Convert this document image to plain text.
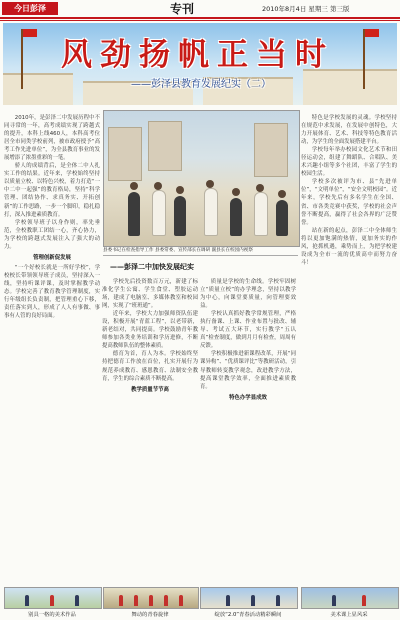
今日彭泽	专刊	2010年8月4日 星期三 第三版
风劲扬帆正当时
——彭泽县教育发展纪实（二）

2010年，是彭泽二中发展历程中不同寻常的一年，高考成绩实现了跨越式的提升，本科上线460人，本科高考位居全市同类学校前列，被市政府授予“高考工作先进单位”，为全县教育事业的发展增添了浓墨重彩的一笔。

骄人的成绩背后，是全体二中人扎实工作的结果。近年来，学校始终坚持以质量立校、以特色兴校，着力打造“一中二中一起强”的教育格局，坚持“科学管理、团结协作、求真务实、开拓创新”的工作思路，一步一个脚印，稳扎稳打，深入推进素质教育。

学校领导班子以身作则，率先垂范，全校教职工团结一心，齐心协力，为学校的跨越式发展注入了强大的动力。

管理创新促发展

“一个好校长就是一所好学校”，学校校长带领领导班子成员，坚持深入一线，坚持听课评课，及时掌握教学动态。学校完善了教育教学管理制度，实行年级组长负责制，把管理重心下移，责任落实到人，形成了人人有事做、事事有人管的良好局面。

县委书记在检查指导工作 县委常委、宣传部长在调研 副县长在校园内视察
——彭泽二中加快发展纪实

学校先后投资数百万元，新建了标准化学生公寓、学生食堂、塑胶运动场，建成了电脑室、多媒体教室和校园网，实现了“班班通”。

近年来，学校大力加强师资队伍建设，积极开展“青蓝工程”，以老带新，新老结对，共同提高。学校鼓励青年教师参加各类业务培训和学历进修，不断提高教师队伍的整体素质。

德育为首，育人为本。学校始终坚持把德育工作放在首位，扎实开展行为规范养成教育、感恩教育、法制安全教育，学生的综合素质不断提高。

教学质量节节高

质量是学校的生命线。学校牢固树立“质量立校”的办学理念，坚持以教学为中心，向课堂要质量，向管理要效益。

学校认真抓好教学常规管理，严格执行备课、上课、作业布置与批改、辅导、考试五大环节，实行教学“五认真”检查制度，做到月月有检查，周周有反馈。

学校积极推进新课程改革，开展“同课异构”、“优质课评比”等教研活动，引导教师转变教学观念，改进教学方法，提高课堂教学效率，全面推进素质教育。

特色办学显成效

特色是学校发展的灵魂。学校坚持在规范中求发展，在发展中创特色，大力开展体育、艺术、科技等特色教育活动，为学生的全面发展搭建平台。

学校每年举办校园文化艺术节和田径运动会，组建了舞蹈队、合唱队、美术兴趣小组等多个社团，丰富了学生的校园生活。

学校多次被评为市、县“先进单位”，“文明单位”，“安全文明校园”。近年来，学校先后有多名学生在全国、省、市各类竞赛中获奖，学校的社会声誉不断提高，赢得了社会各界的广泛赞誉。

站在新的起点，彭泽二中全体师生将以更加饱满的热情，更加务实的作风，抢抓机遇，乘势而上，为把学校建设成为全市一流的优质高中而努力奋斗！

别具一格的美术作品	舞动的青春旋律	绽放“2.0”青春活动精彩瞬间	美术课上显风采
